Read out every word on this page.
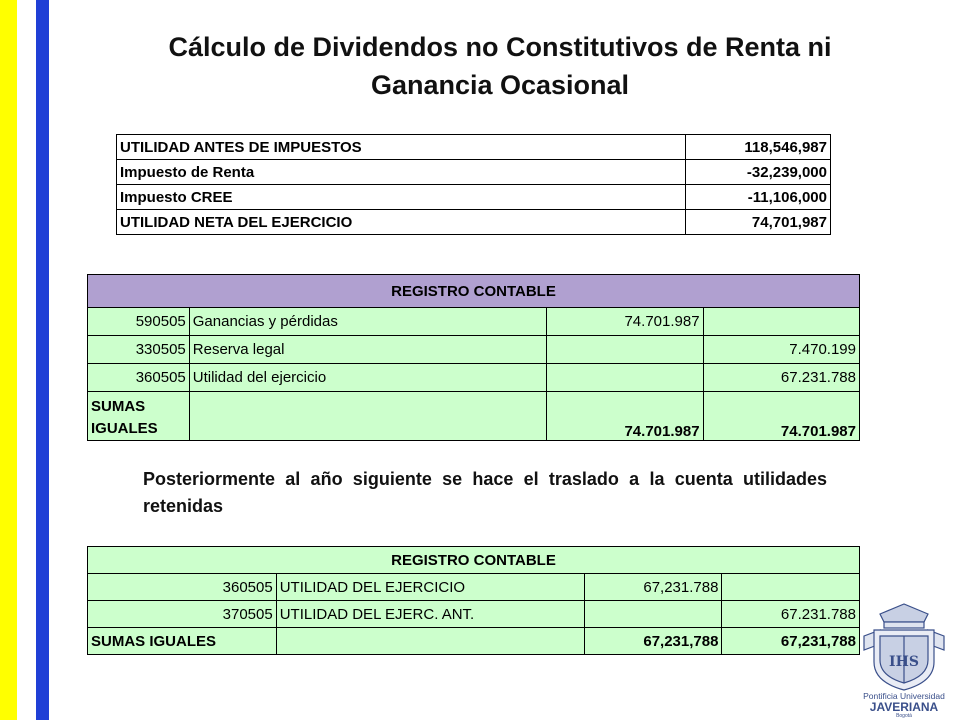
Cálculo de Dividendos no Constitutivos de Renta ni
Ganancia Ocasional
UTILIDAD ANTES DE IMPUESTOS	118,546,987
Impuesto de Renta	-32,239,000
Impuesto CREE	-11,106,000
UTILIDAD NETA DEL EJERCICIO	74,701,987
REGISTRO CONTABLE			
590505	Ganancias y pérdidas	74.701.987	
330505	Reserva legal		7.470.199
360505	Utilidad del ejercicio		67.231.788
SUMAS
IGUALES		74.701.987	74.701.987
Posteriormente al año siguiente se hace el traslado a la cuenta utilidades retenidas
REGISTRO CONTABLE			
360505	UTILIDAD DEL EJERCICIO	67,231.788	
370505	UTILIDAD DEL EJERC. ANT.		67.231.788
SUMAS IGUALES		67,231,788	67,231,788
IHS
Pontificia Universidad
JAVERIANA
Bogotá
